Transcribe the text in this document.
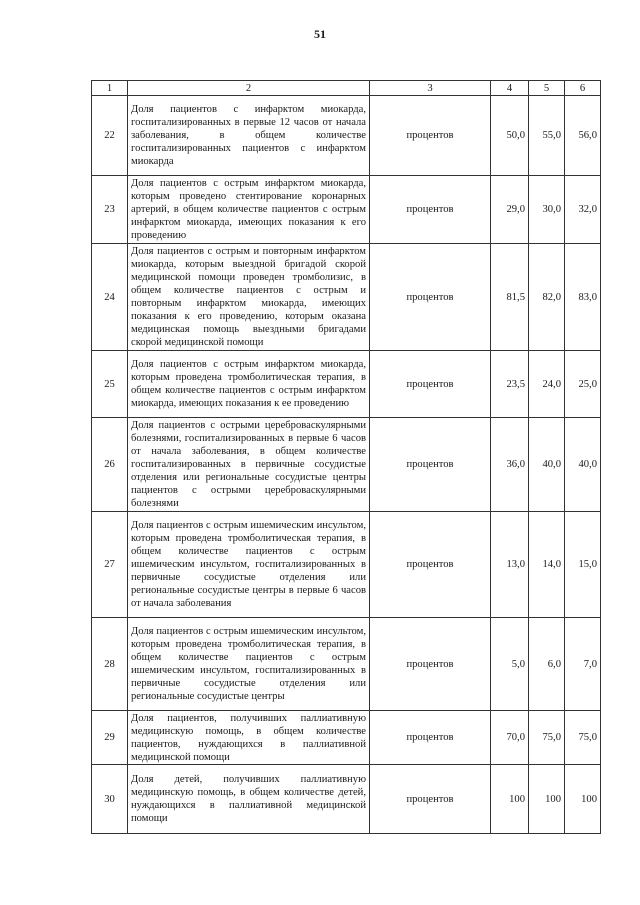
51
1	2	3	4	5	6
22	Доля пациентов с инфарктом миокарда, госпитализированных в первые 12 часов от начала заболевания, в общем количестве госпитализированных пациентов с инфарктом миокарда	процентов	50,0	55,0	56,0
23	Доля пациентов с острым инфарктом миокарда, которым проведено стентирование коронарных артерий, в общем количестве пациентов с острым инфарктом миокарда, имеющих показания к его проведению	процентов	29,0	30,0	32,0
24	Доля пациентов с острым и повторным инфарктом миокарда, которым выездной бригадой скорой медицинской помощи проведен тромболизис, в общем количестве пациентов с острым и повторным инфарктом миокарда, имеющих показания к его проведению, которым оказана медицинская помощь выездными бригадами скорой медицинской помощи	процентов	81,5	82,0	83,0
25	Доля пациентов с острым инфарктом миокарда, которым проведена тромболитическая терапия, в общем количестве пациентов с острым инфарктом миокарда, имеющих показания к ее проведению	процентов	23,5	24,0	25,0
26	Доля пациентов с острыми цереброваскулярными болезнями, госпитализированных в первые 6 часов от начала заболевания, в общем количестве госпитализированных в первичные сосудистые отделения или региональные сосудистые центры пациентов с острыми цереброваскулярными болезнями	процентов	36,0	40,0	40,0
27	Доля пациентов с острым ишемическим инсультом, которым проведена тромболитическая терапия, в общем количестве пациентов с острым ишемическим инсультом, госпитализированных в первичные сосудистые отделения или региональные сосудистые центры в первые 6 часов от начала заболевания	процентов	13,0	14,0	15,0
28	Доля пациентов с острым ишемическим инсультом, которым проведена тромболитическая терапия, в общем количестве пациентов с острым ишемическим инсультом, госпитализированных в первичные сосудистые отделения или региональные сосудистые центры	процентов	5,0	6,0	7,0
29	Доля пациентов, получивших паллиативную медицинскую помощь, в общем количестве пациентов, нуждающихся в паллиативной медицинской помощи	процентов	70,0	75,0	75,0
30	Доля детей, получивших паллиативную медицинскую помощь, в общем количестве детей, нуждающихся в паллиативной медицинской помощи	процентов	100	100	100
